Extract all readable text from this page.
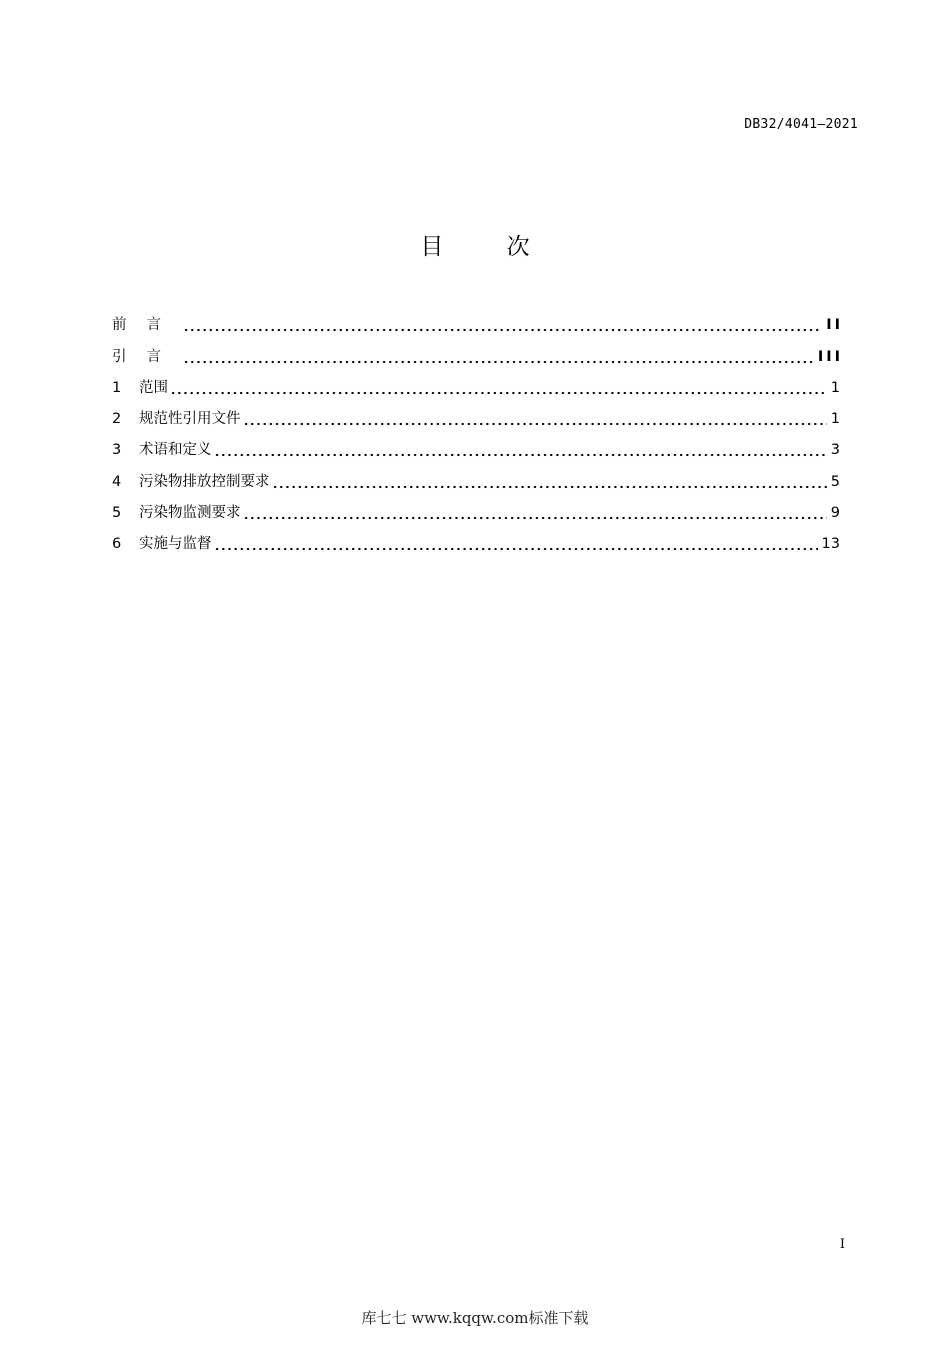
DB32/4041—2021
目 次
前言	II
引言	III
1	范围	1
2	规范性引用文件	1
3	术语和定义	3
4	污染物排放控制要求	5
5	污染物监测要求	9
6	实施与监督	13
I
库七七 www.kqqw.com标准下载
